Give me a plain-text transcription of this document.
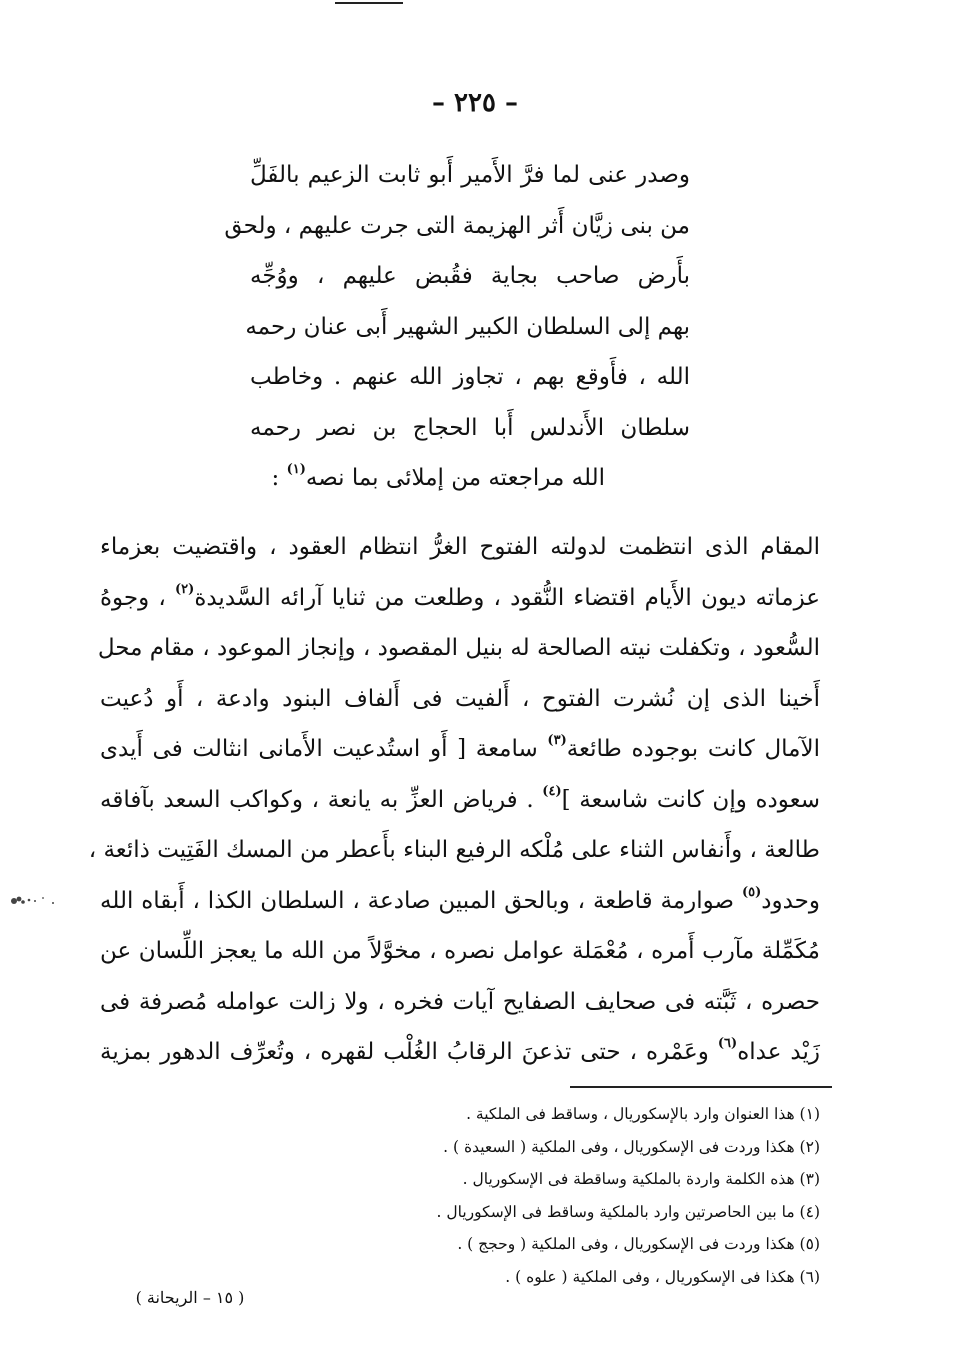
– ٢٢٥ –
وصدر عنى لما فرَّ الأَمير أَبو ثابت الزعيم بالفَلِّ
من بنى زيَّان أَثر الهزيمة التى جرت عليهم ، ولحق
بأَرض صاحب بجاية فقُبض عليهم ، ووُجِّه
بهم إلى السلطان الكبير الشهير أَبى عنان رحمه
الله ، فأَوقع بهم ، تجاوز الله عنهم . وخاطب
سلطان الأَندلس أَبا الحجاج بن نصر رحمه
الله مراجعته من إملائى بما نصه$^{(١)}$ :
المقام الذى انتظمت لدولته الفتوح الغرُّ انتظام العقود ، واقتضيت بعزماء
عزماته ديون الأَيام اقتضاء النُّقود ، وطلعت من ثنايا آرائه السَّديدة$^{(٢)}$ ، وجوهُ
السُّعود ، وتكفلت نيته الصالحة له بنيل المقصود ، وإنجاز الموعود ، مقام محل
أَخينا الذى إن نُشرت الفتوح ، أَلفيت فى أَلفاف البنود وادعة ، أَو دُعيت
الآمال كانت بوجوده طائعة$^{(٣)}$ سامعة [ أَو استُدعيت الأَمانى انثالت فى أَيدى
سعوده وإن كانت شاسعة ]$^{(٤)}$ . فرياض العزِّ به يانعة ، وكواكب السعد بآفاقه
طالعة ، وأَنفاس الثناء على مُلْكه الرفيع البناء بأَعطر من المسك الفَتِيت ذائعة ،
وحدود$^{(٥)}$ صوارمة قاطعة ، وبالحق المبين صادعة ، السلطان الكذا ، أَبقاه الله
مُكَمِّلة مآرب أَمره ، مُعْمَلة عوامل نصره ، مخوَّلاً من الله ما يعجز اللِّسان عن
حصره ، ثَبَّته فى صحايف الصفايح آيات فخره ، ولا زالت عوامله مُصرفة فى
زَيْد عداه$^{(٦)}$ وعَمْره ، حتى تذعنَ الرقابُ الغُلْب لقهره ، وتُعرِّف الدهور بمزية
(١) هذا العنوان وارد بالإسكوريال ، وساقط فى الملكية .
(٢) هكذا وردت فى الإسكوريال ، وفى الملكية ( السعيدة ) .
(٣) هذه الكلمة واردة بالملكية وساقطة فى الإسكوريال .
(٤) ما بين الحاصرتين وارد بالملكية وساقط فى الإسكوريال .
(٥) هكذا وردت فى الإسكوريال ، وفى الملكية ( وحجج ) .
(٦) هكذا فى الإسكوريال ، وفى الملكية ( علوه ) .
( ١٥ – الريحانة )
